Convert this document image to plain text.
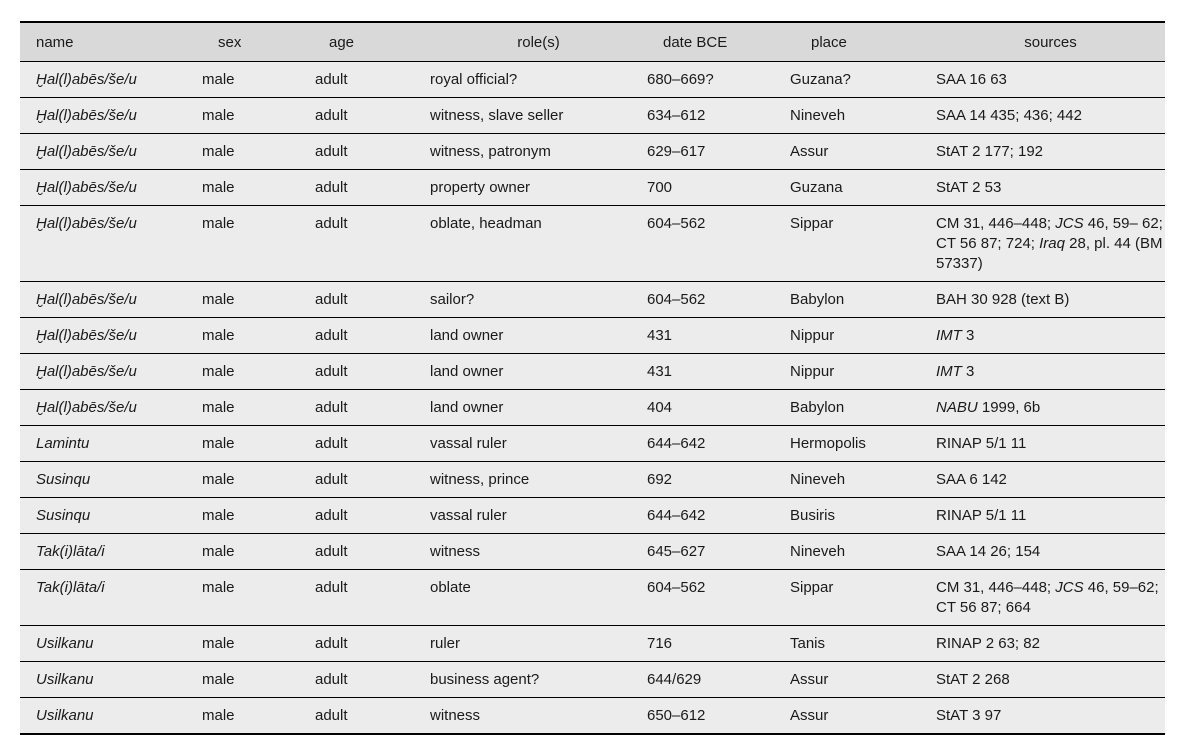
name	sex	age	role(s)	date BCE	place	sources
Ḫal(l)abēs/še/u	male	adult	royal official?	680–669?	Guzana?	SAA 16 63
Ḫal(l)abēs/še/u	male	adult	witness, slave seller	634–612	Nineveh	SAA 14 435; 436; 442
Ḫal(l)abēs/še/u	male	adult	witness, patronym	629–617	Assur	StAT 2 177; 192
Ḫal(l)abēs/še/u	male	adult	property owner	700	Guzana	StAT 2 53
Ḫal(l)abēs/še/u	male	adult	oblate, headman	604–562	Sippar	CM 31, 446–448; JCS 46, 59– 62; CT 56 87; 724; Iraq 28, pl. 44 (BM 57337)
Ḫal(l)abēs/še/u	male	adult	sailor?	604–562	Babylon	BAH 30 928 (text B)
Ḫal(l)abēs/še/u	male	adult	land owner	431	Nippur	IMT 3
Ḫal(l)abēs/še/u	male	adult	land owner	431	Nippur	IMT 3
Ḫal(l)abēs/še/u	male	adult	land owner	404	Babylon	NABU 1999, 6b
Lamintu	male	adult	vassal ruler	644–642	Hermopolis	RINAP 5/1 11
Susinqu	male	adult	witness, prince	692	Nineveh	SAA 6 142
Susinqu	male	adult	vassal ruler	644–642	Busiris	RINAP 5/1 11
Tak(i)lāta/i	male	adult	witness	645–627	Nineveh	SAA 14 26; 154
Tak(i)lāta/i	male	adult	oblate	604–562	Sippar	CM 31, 446–448; JCS 46, 59–62; CT 56 87; 664
Usilkanu	male	adult	ruler	716	Tanis	RINAP 2 63; 82
Usilkanu	male	adult	business agent?	644/629	Assur	StAT 2 268
Usilkanu	male	adult	witness	650–612	Assur	StAT 3 97
